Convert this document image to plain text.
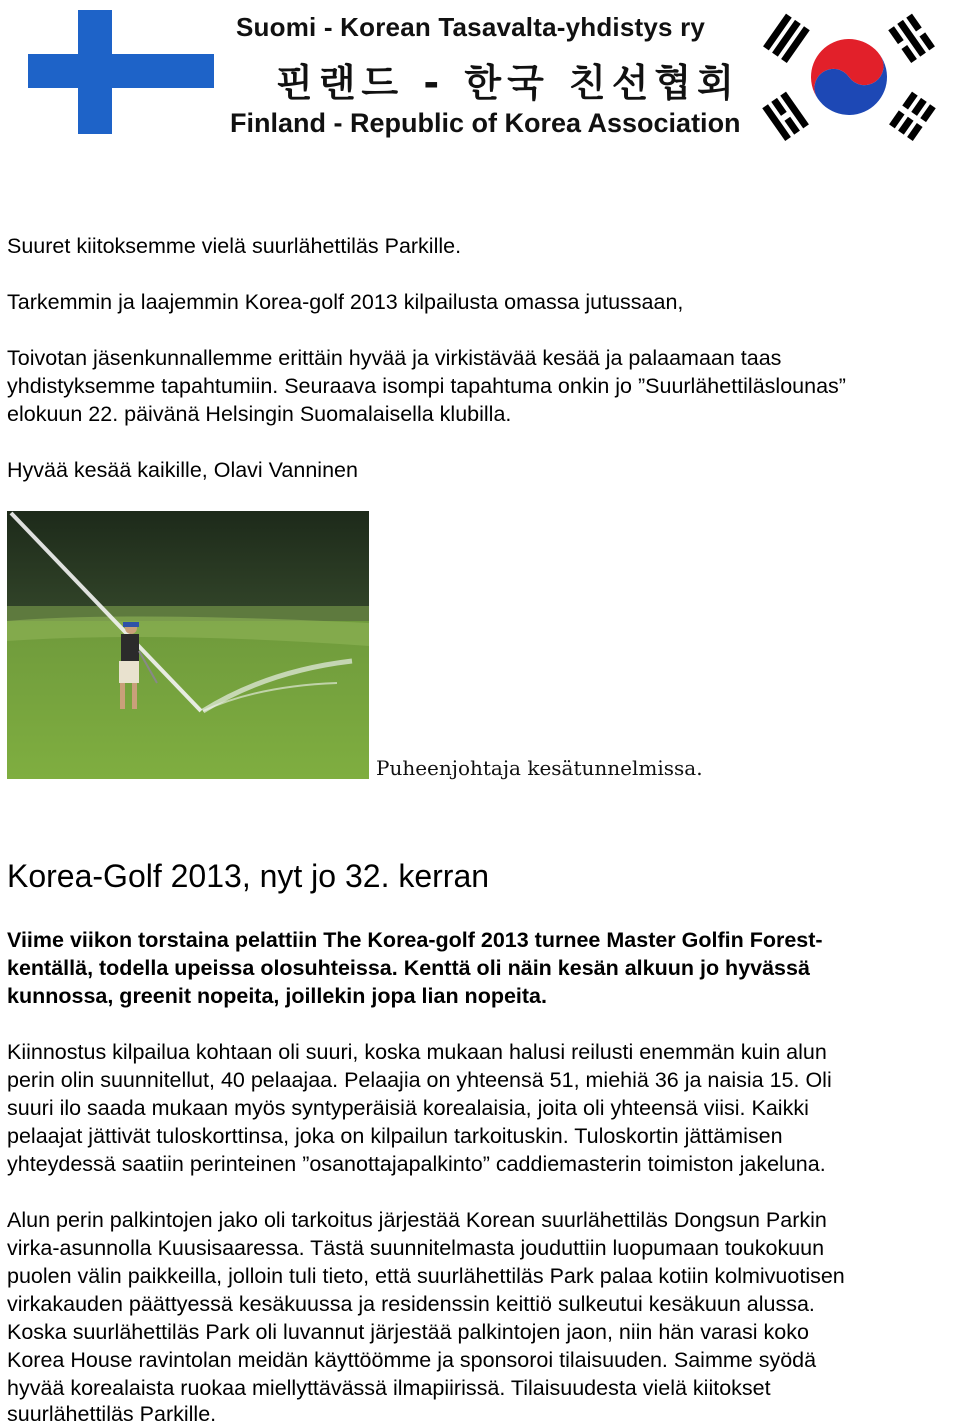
Suomi - Korean Tasavalta-yhdistys ry
핀랜드 - 한국 친선협회
Finland - Republic of Korea Association
Suuret kiitoksemme vielä suurlähettiläs Parkille.
Tarkemmin ja laajemmin Korea-golf 2013 kilpailusta omassa jutussaan,
Toivotan jäsenkunnallemme erittäin hyvää ja virkistävää kesää ja palaamaan taas
yhdistyksemme tapahtumiin. Seuraava isompi tapahtuma onkin jo ”Suurlähettiläslounas”
elokuun 22. päivänä Helsingin Suomalaisella klubilla.
Hyvää kesää kaikille, Olavi Vanninen
Puheenjohtaja kesätunnelmissa.
Korea-Golf 2013, nyt jo 32. kerran
Viime viikon torstaina pelattiin The Korea-golf 2013 turnee Master Golfin Forest-
kentällä, todella upeissa olosuhteissa. Kenttä oli näin kesän alkuun jo hyvässä
kunnossa, greenit nopeita, joillekin jopa lian nopeita.
Kiinnostus kilpailua kohtaan oli suuri, koska mukaan halusi reilusti enemmän kuin alun
perin olin suunnitellut, 40 pelaajaa. Pelaajia on yhteensä 51, miehiä 36 ja naisia 15. Oli
suuri ilo saada mukaan myös syntyperäisiä korealaisia, joita oli yhteensä viisi. Kaikki
pelaajat jättivät tuloskorttinsa, joka on kilpailun tarkoituskin. Tuloskortin jättämisen
yhteydessä saatiin perinteinen ”osanottajapalkinto” caddiemasterin toimiston jakeluna.
Alun perin palkintojen jako oli tarkoitus järjestää Korean suurlähettiläs Dongsun Parkin
virka-asunnolla Kuusisaaressa. Tästä suunnitelmasta jouduttiin luopumaan toukokuun
puolen välin paikkeilla, jolloin tuli tieto, että suurlähettiläs Park palaa kotiin kolmivuotisen
virkakauden päättyessä kesäkuussa ja residenssin keittiö sulkeutui kesäkuun alussa.
Koska suurlähettiläs Park oli luvannut järjestää palkintojen jaon, niin hän varasi koko
Korea House ravintolan meidän käyttöömme ja sponsoroi tilaisuuden. Saimme syödä
hyvää korealaista ruokaa miellyttävässä ilmapiirissä. Tilaisuudesta vielä kiitokset
suurlähettiläs Parkille.
